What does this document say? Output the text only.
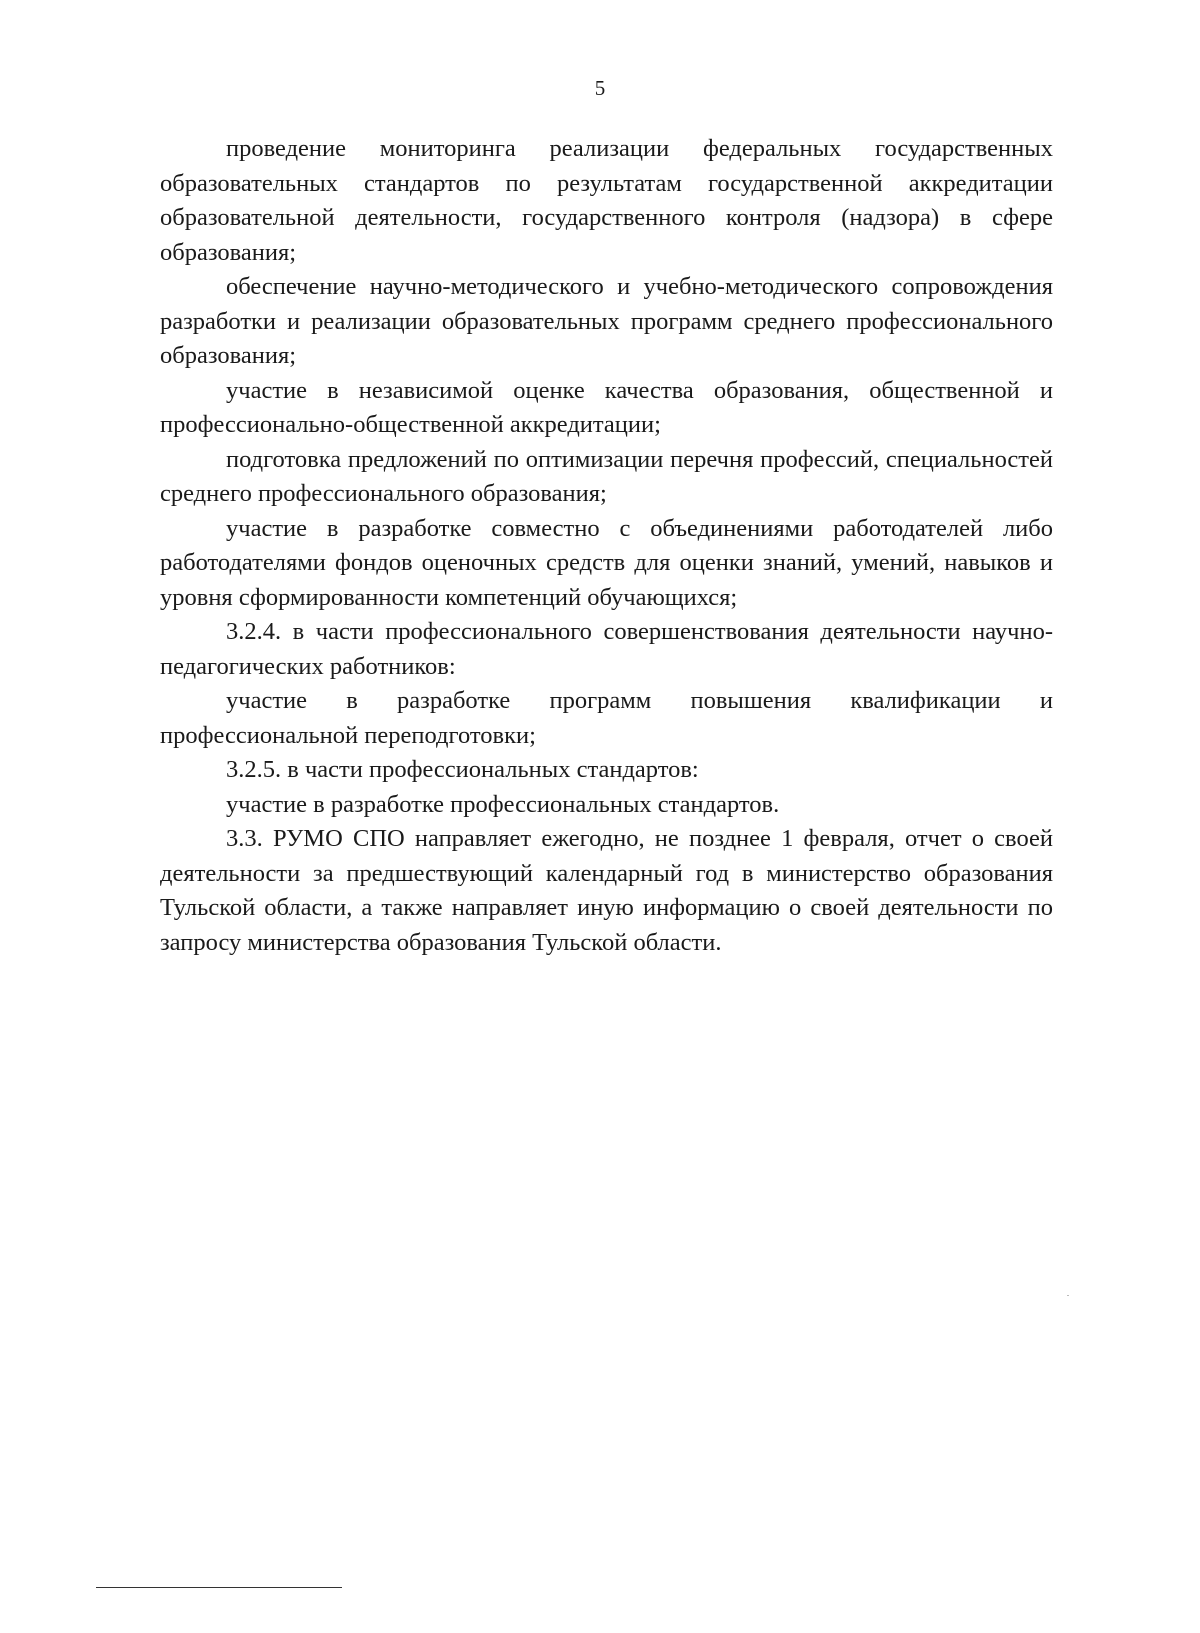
5

проведение мониторинга реализации федеральных государственных образовательных стандартов по результатам государственной аккредитации образовательной деятельности, государственного контроля (надзора) в сфере образования;

обеспечение научно-методического и учебно-методического сопровождения разработки и реализации образовательных программ среднего профессионального образования;

участие в независимой оценке качества образования, общественной и профессионально-общественной аккредитации;

подготовка предложений по оптимизации перечня профессий, специальностей среднего профессионального образования;

участие в разработке совместно с объединениями работодателей либо работодателями фондов оценочных средств для оценки знаний, умений, навыков и уровня сформированности компетенций обучающихся;

3.2.4. в части профессионального совершенствования деятельности научно-педагогических работников:

участие в разработке программ повышения квалификации и профессиональной переподготовки;

3.2.5. в части профессиональных стандартов:

участие в разработке профессиональных стандартов.

3.3. РУМО СПО направляет ежегодно, не позднее 1 февраля, отчет о своей деятельности за предшествующий календарный год в министерство образования Тульской области, а также направляет иную информацию о своей деятельности по запросу министерства образования Тульской области.
